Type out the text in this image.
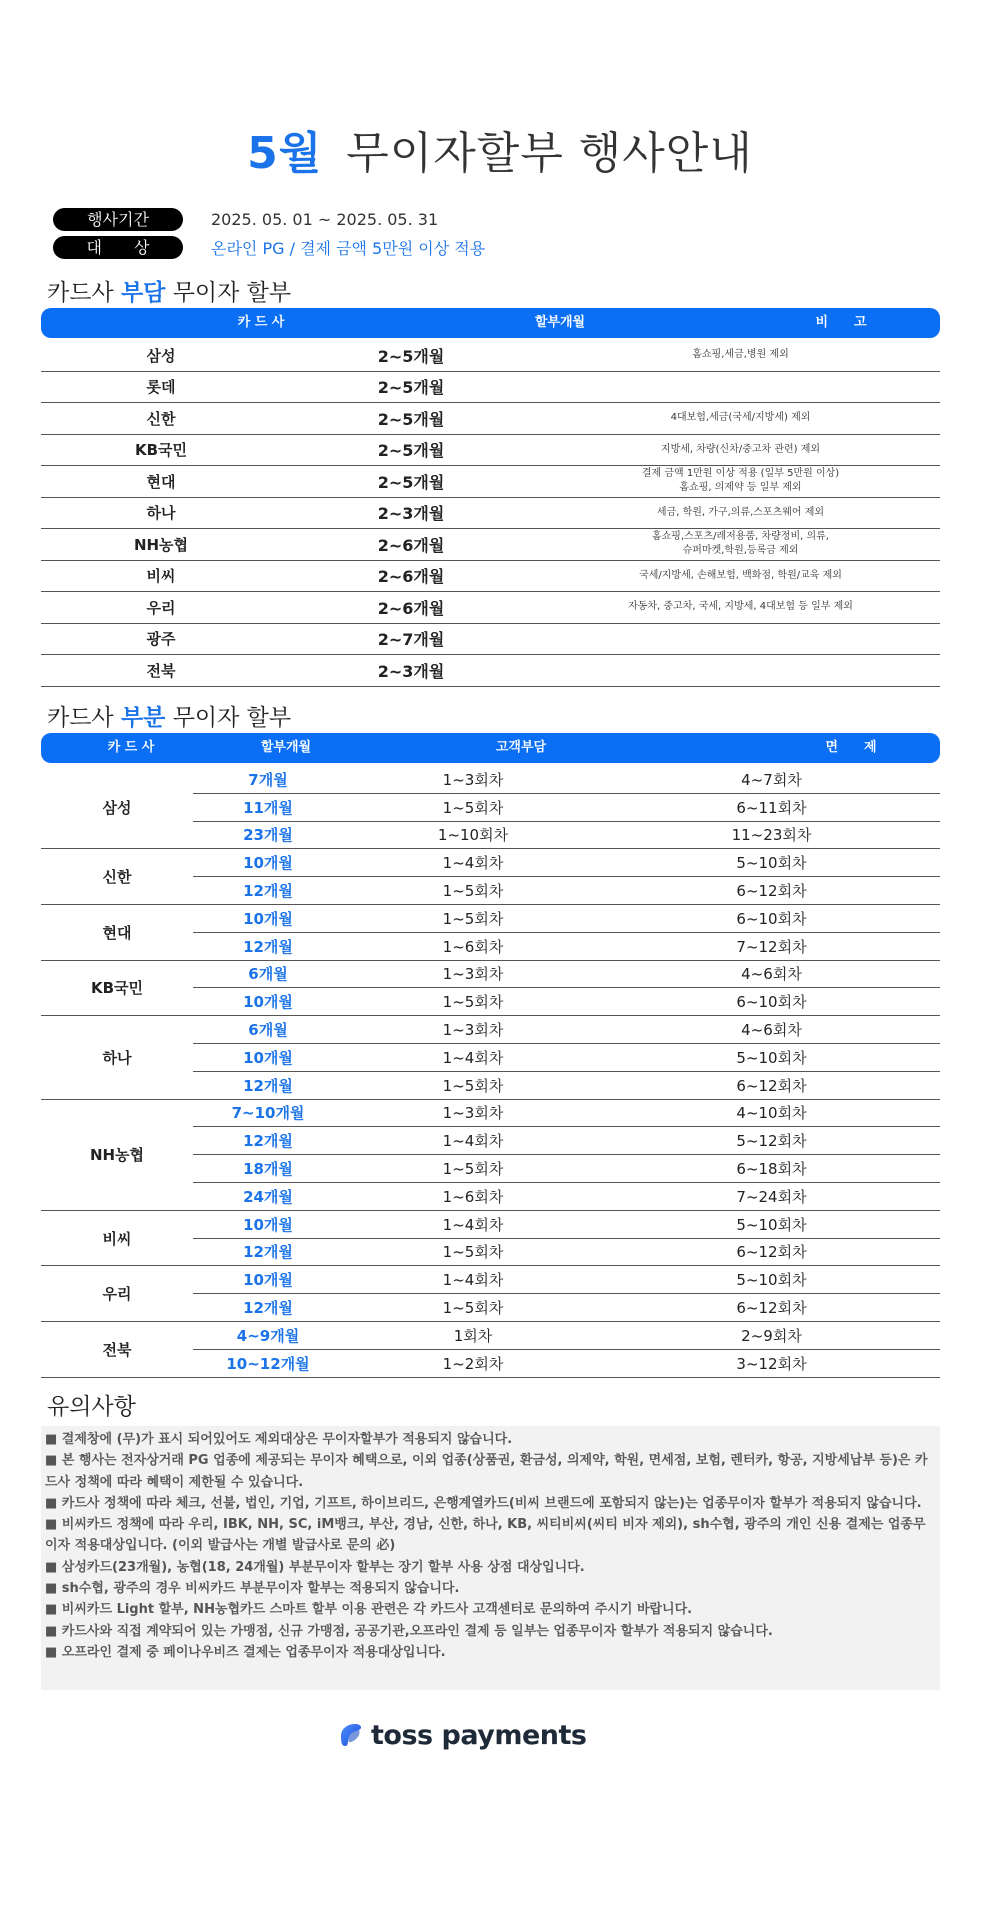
5월 무이자할부 행사안내
행사기간	2025. 05. 01 ~ 2025. 05. 31
대　　상	온라인 PG / 결제 금액 5만원 이상 적용
카드사 부담 무이자 할부
카 드 사	할부개월	비　　고
삼성	2~5개월	홈쇼핑,세금,병원 제외
롯데	2~5개월	
신한	2~5개월	4대보험,세금(국세/지방세) 제외
KB국민	2~5개월	지방세, 차량(신차/중고차 관련) 제외
현대	2~5개월	결제 금액 1만원 이상 적용 (일부 5만원 이상)
홈쇼핑, 의제약 등 일부 제외
하나	2~3개월	세금, 학원, 가구,의류,스포츠웨어 제외
NH농협	2~6개월	홈쇼핑,스포츠/레저용품, 차량정비, 의류,
슈퍼마켓,학원,등록금 제외
비씨	2~6개월	국세/지방세, 손해보험, 백화점, 학원/교육 제외
우리	2~6개월	자동차, 중고차, 국세, 지방세, 4대보험 등 일부 제외
광주	2~7개월	
전북	2~3개월	
카드사 부분 무이자 할부
카 드 사	할부개월	고객부담	면　　제
삼성	7개월	1~3회차	4~7회차
	11개월	1~5회차	6~11회차
	23개월	1~10회차	11~23회차
신한	10개월	1~4회차	5~10회차
	12개월	1~5회차	6~12회차
현대	10개월	1~5회차	6~10회차
	12개월	1~6회차	7~12회차
KB국민	6개월	1~3회차	4~6회차
	10개월	1~5회차	6~10회차
하나	6개월	1~3회차	4~6회차
	10개월	1~4회차	5~10회차
	12개월	1~5회차	6~12회차
NH농협	7~10개월	1~3회차	4~10회차
	12개월	1~4회차	5~12회차
	18개월	1~5회차	6~18회차
	24개월	1~6회차	7~24회차
비씨	10개월	1~4회차	5~10회차
	12개월	1~5회차	6~12회차
우리	10개월	1~4회차	5~10회차
	12개월	1~5회차	6~12회차
전북	4~9개월	1회차	2~9회차
	10~12개월	1~2회차	3~12회차
유의사항

■ 결제창에 (무)가 표시 되어있어도 제외대상은 무이자할부가 적용되지 않습니다.

■ 본 행사는 전자상거래 PG 업종에 제공되는 무이자 혜택으로, 이외 업종(상품권, 환금성, 의제약, 학원, 면세점, 보험, 렌터카, 항공, 지방세납부 등)은 카드사 정책에 따라 혜택이 제한될 수 있습니다.

■ 카드사 정책에 따라 체크, 선불, 법인, 기업, 기프트, 하이브리드, 은행계열카드(비씨 브랜드에 포함되지 않는)는 업종무이자 할부가 적용되지 않습니다.

■ 비씨카드 정책에 따라 우리, IBK, NH, SC, iM뱅크, 부산, 경남, 신한, 하나, KB, 씨티비씨(씨티 비자 제외), sh수협, 광주의 개인 신용 결제는 업종무이자 적용대상입니다. (이외 발급사는 개별 발급사로 문의 必)

■ 삼성카드(23개월), 농협(18, 24개월) 부분무이자 할부는 장기 할부 사용 상점 대상입니다.

■ sh수협, 광주의 경우 비씨카드 부분무이자 할부는 적용되지 않습니다.

■ 비씨카드 Light 할부, NH농협카드 스마트 할부 이용 관련은 각 카드사 고객센터로 문의하여 주시기 바랍니다.

■ 카드사와 직접 계약되어 있는 가맹점, 신규 가맹점, 공공기관,오프라인 결제 등 일부는 업종무이자 할부가 적용되지 않습니다.

■ 오프라인 결제 중 페이나우비즈 결제는 업종무이자 적용대상입니다.

toss payments
